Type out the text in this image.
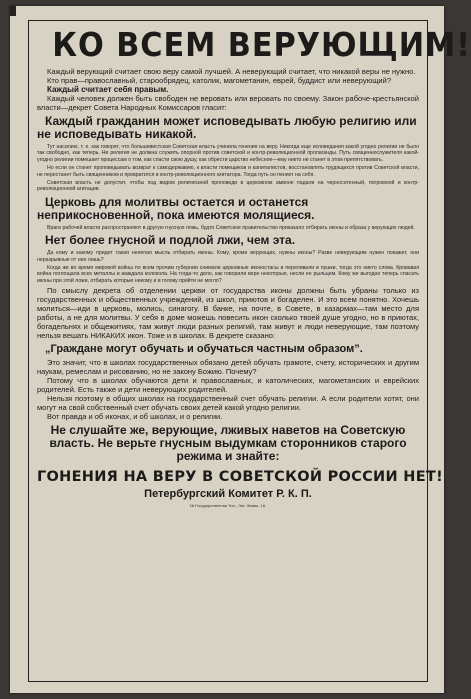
КО ВСЕМ ВЕРУЮЩИМ!

Каждый верующий считает свою веру самой лучшей. А неверующий считает, что никакой веры не нужно.

Кто прав—православный, старообрядец, католик, магометанин, еврей, буддист или неверующий?

Каждый считает себя правым.

Каждый человек должен быть свободен не веровать или веровать по своему. Закон рабоче-крестьянской власти—декрет Совета Народных Комиссаров гласит:

Каждый гражданин может исповедывать любую религию или не исповедывать никакой.

Тут насилию, т. е. как говорят, что большевистская Советская власть учинила гонения на веру. Никогда еще исповедания какой угодно религии не было так свободно, как теперь. Не религия не должна служить опорной против советской и контр-революционной пропаганды. Путь священнослужителя какой-угодно религии помешает процессам о том, как спасти свою душу, как обрести царство небесное—ему никто не станет в этом препятствовать.

Но если он станет проповедывать возврат к самодержавию, к власти помещиков и капиталистов, восстановлять трудящихся против Советской власти, не перестанет быть священником и превратится в контр-революционного агитатора. Тогда путь он пеняет на себя.

Советская власть не допустит, чтобы под видом религиозной проповеди в церковном амвоне падали на черносотенный, погромной и контр-революционной агитации.

Церковь для молитвы остается и останется неприкосновенной, пока имеются молящиеся.

Враги рабочей власти распространяют в другую гнусную ложь, будто Советское правительство приказало отбирать иконы и образа у верующих людей.

Нет более гнусной и подлой лжи, чем эта.

Да кому и какому придет такая нелепая мысль отбирать иконы. Кому, кроме верующих, нужны иконы? Разве неверующим нужен покажет, они неразрывные от нее лишь?

Когда же во время мировой войны по всем прочим губернии снимали церковные иконостасы и переливали в пушки, тогда это никто слова. Кровавая война поглощала всех металлы и жаждала колокола. На тогда-то дело, как говорили вере некоторые, несли ее рыльцем. Кому же выгодно теперь спасать иконы при этой ложи, отбирать которые никому и в голову прийти не могло?

По смыслу декрета об отделении церкви от государства иконы должны быть убраны только из государственных и общественных учреждений, из школ, приютов и богаделен. И это всем понятно. Хочешь молиться—иди в церковь, молись, синагогу. В банке, на почте, в Совете, в казармах—там место для работы, а не для молитвы. У себя в доме можешь повесить икон сколько твоей душе угодно, но в приютах, богадельнях и общежитиях, там живут люди разных религий, там живут и люди неверующие, там поэтому нельзя вешать НИКАКИХ икон. Тоже и в школах. В декрете сказано:

„Граждане могут обучать и обучаться частным образом”.

Это значит, что в школах государственных обязано детей обучать грамоте, счету, исторических и другим наукам, ремеслам и рисованию, но не закону Божию. Почему?

Потому что в школах обучаются дети и православных, и католических, магометанских и еврейских родителей. Есть также и дети неверующих родителей.

Нельзя поэтому в общих школах на государственный счет обучать религии. А если родители хотят, они могут на свой собственный счет обучать своих детей какой угодно религии.

Вот правда и об иконах, и об школах, и о религии.

Не слушайте же, верующие, лживых наветов на Советскую власть. Не верьте гнусным выдумкам сторонников старого режима и знайте:

ГОНЕНИЯ НА ВЕРУ В СОВЕТСКОЙ РОССИИ НЕТ!

Петербургский Комитет Р. К. П.

№ Государственная Тип., Лит. Знамя, 18.
